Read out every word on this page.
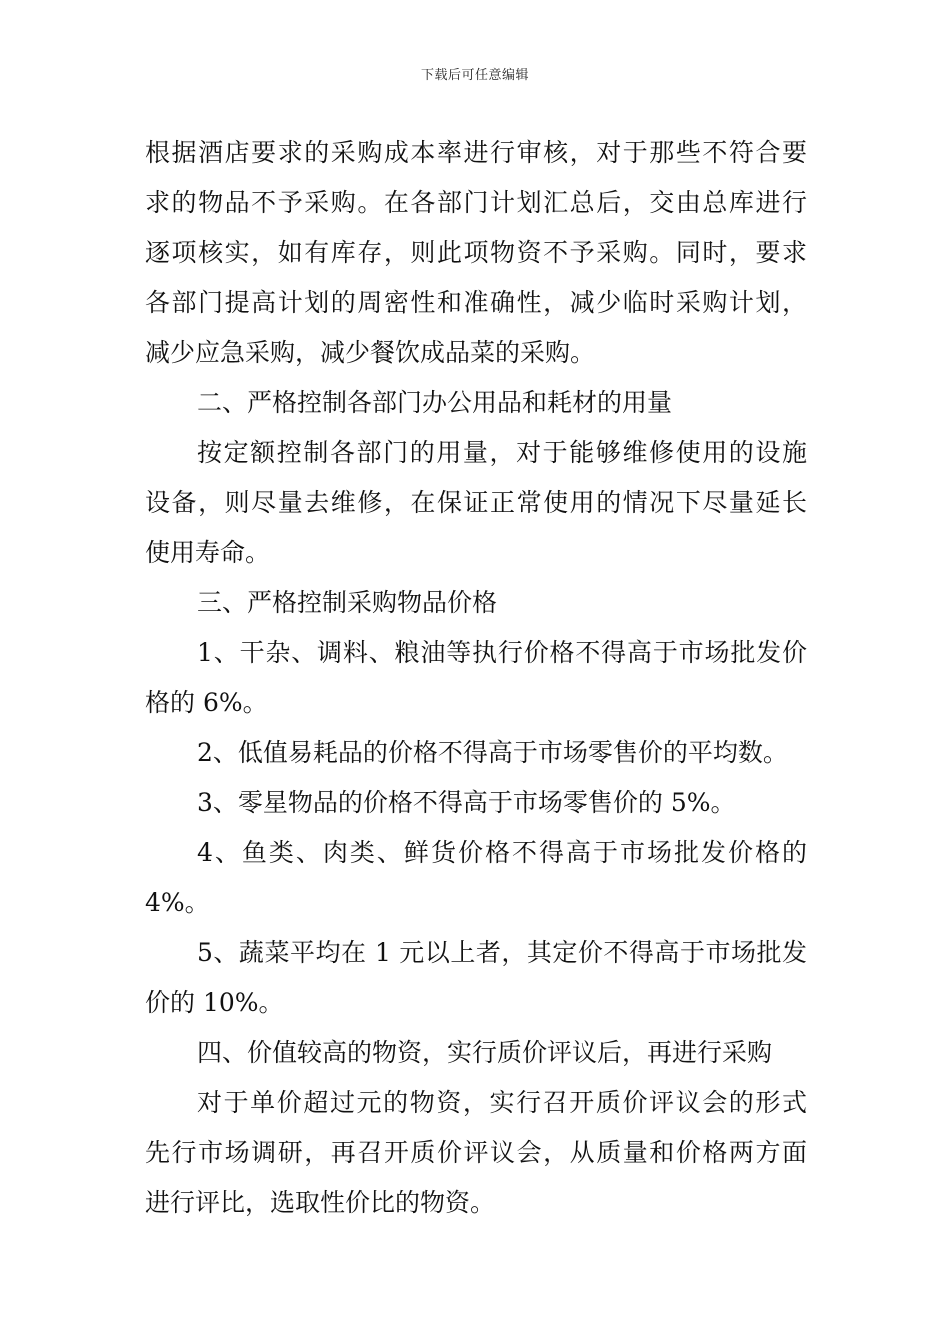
下载后可任意编辑
根据酒店要求的采购成本率进行审核，对于那些不符合要
求的物品不予采购。在各部门计划汇总后，交由总库进行
逐项核实，如有库存，则此项物资不予采购。同时，要求
各部门提高计划的周密性和准确性，减少临时采购计划，
减少应急采购，减少餐饮成品菜的采购。
二、严格控制各部门办公用品和耗材的用量
按定额控制各部门的用量，对于能够维修使用的设施
设备，则尽量去维修，在保证正常使用的情况下尽量延长
使用寿命。
三、严格控制采购物品价格
1、干杂、调料、粮油等执行价格不得高于市场批发价
格的 6%。
2、低值易耗品的价格不得高于市场零售价的平均数。
3、零星物品的价格不得高于市场零售价的 5%。
4、鱼类、肉类、鲜货价格不得高于市场批发价格的
4%。
5、蔬菜平均在 1 元以上者，其定价不得高于市场批发
价的 10%。
四、价值较高的物资，实行质价评议后，再进行采购
对于单价超过元的物资，实行召开质价评议会的形式
先行市场调研，再召开质价评议会，从质量和价格两方面
进行评比，选取性价比的物资。
